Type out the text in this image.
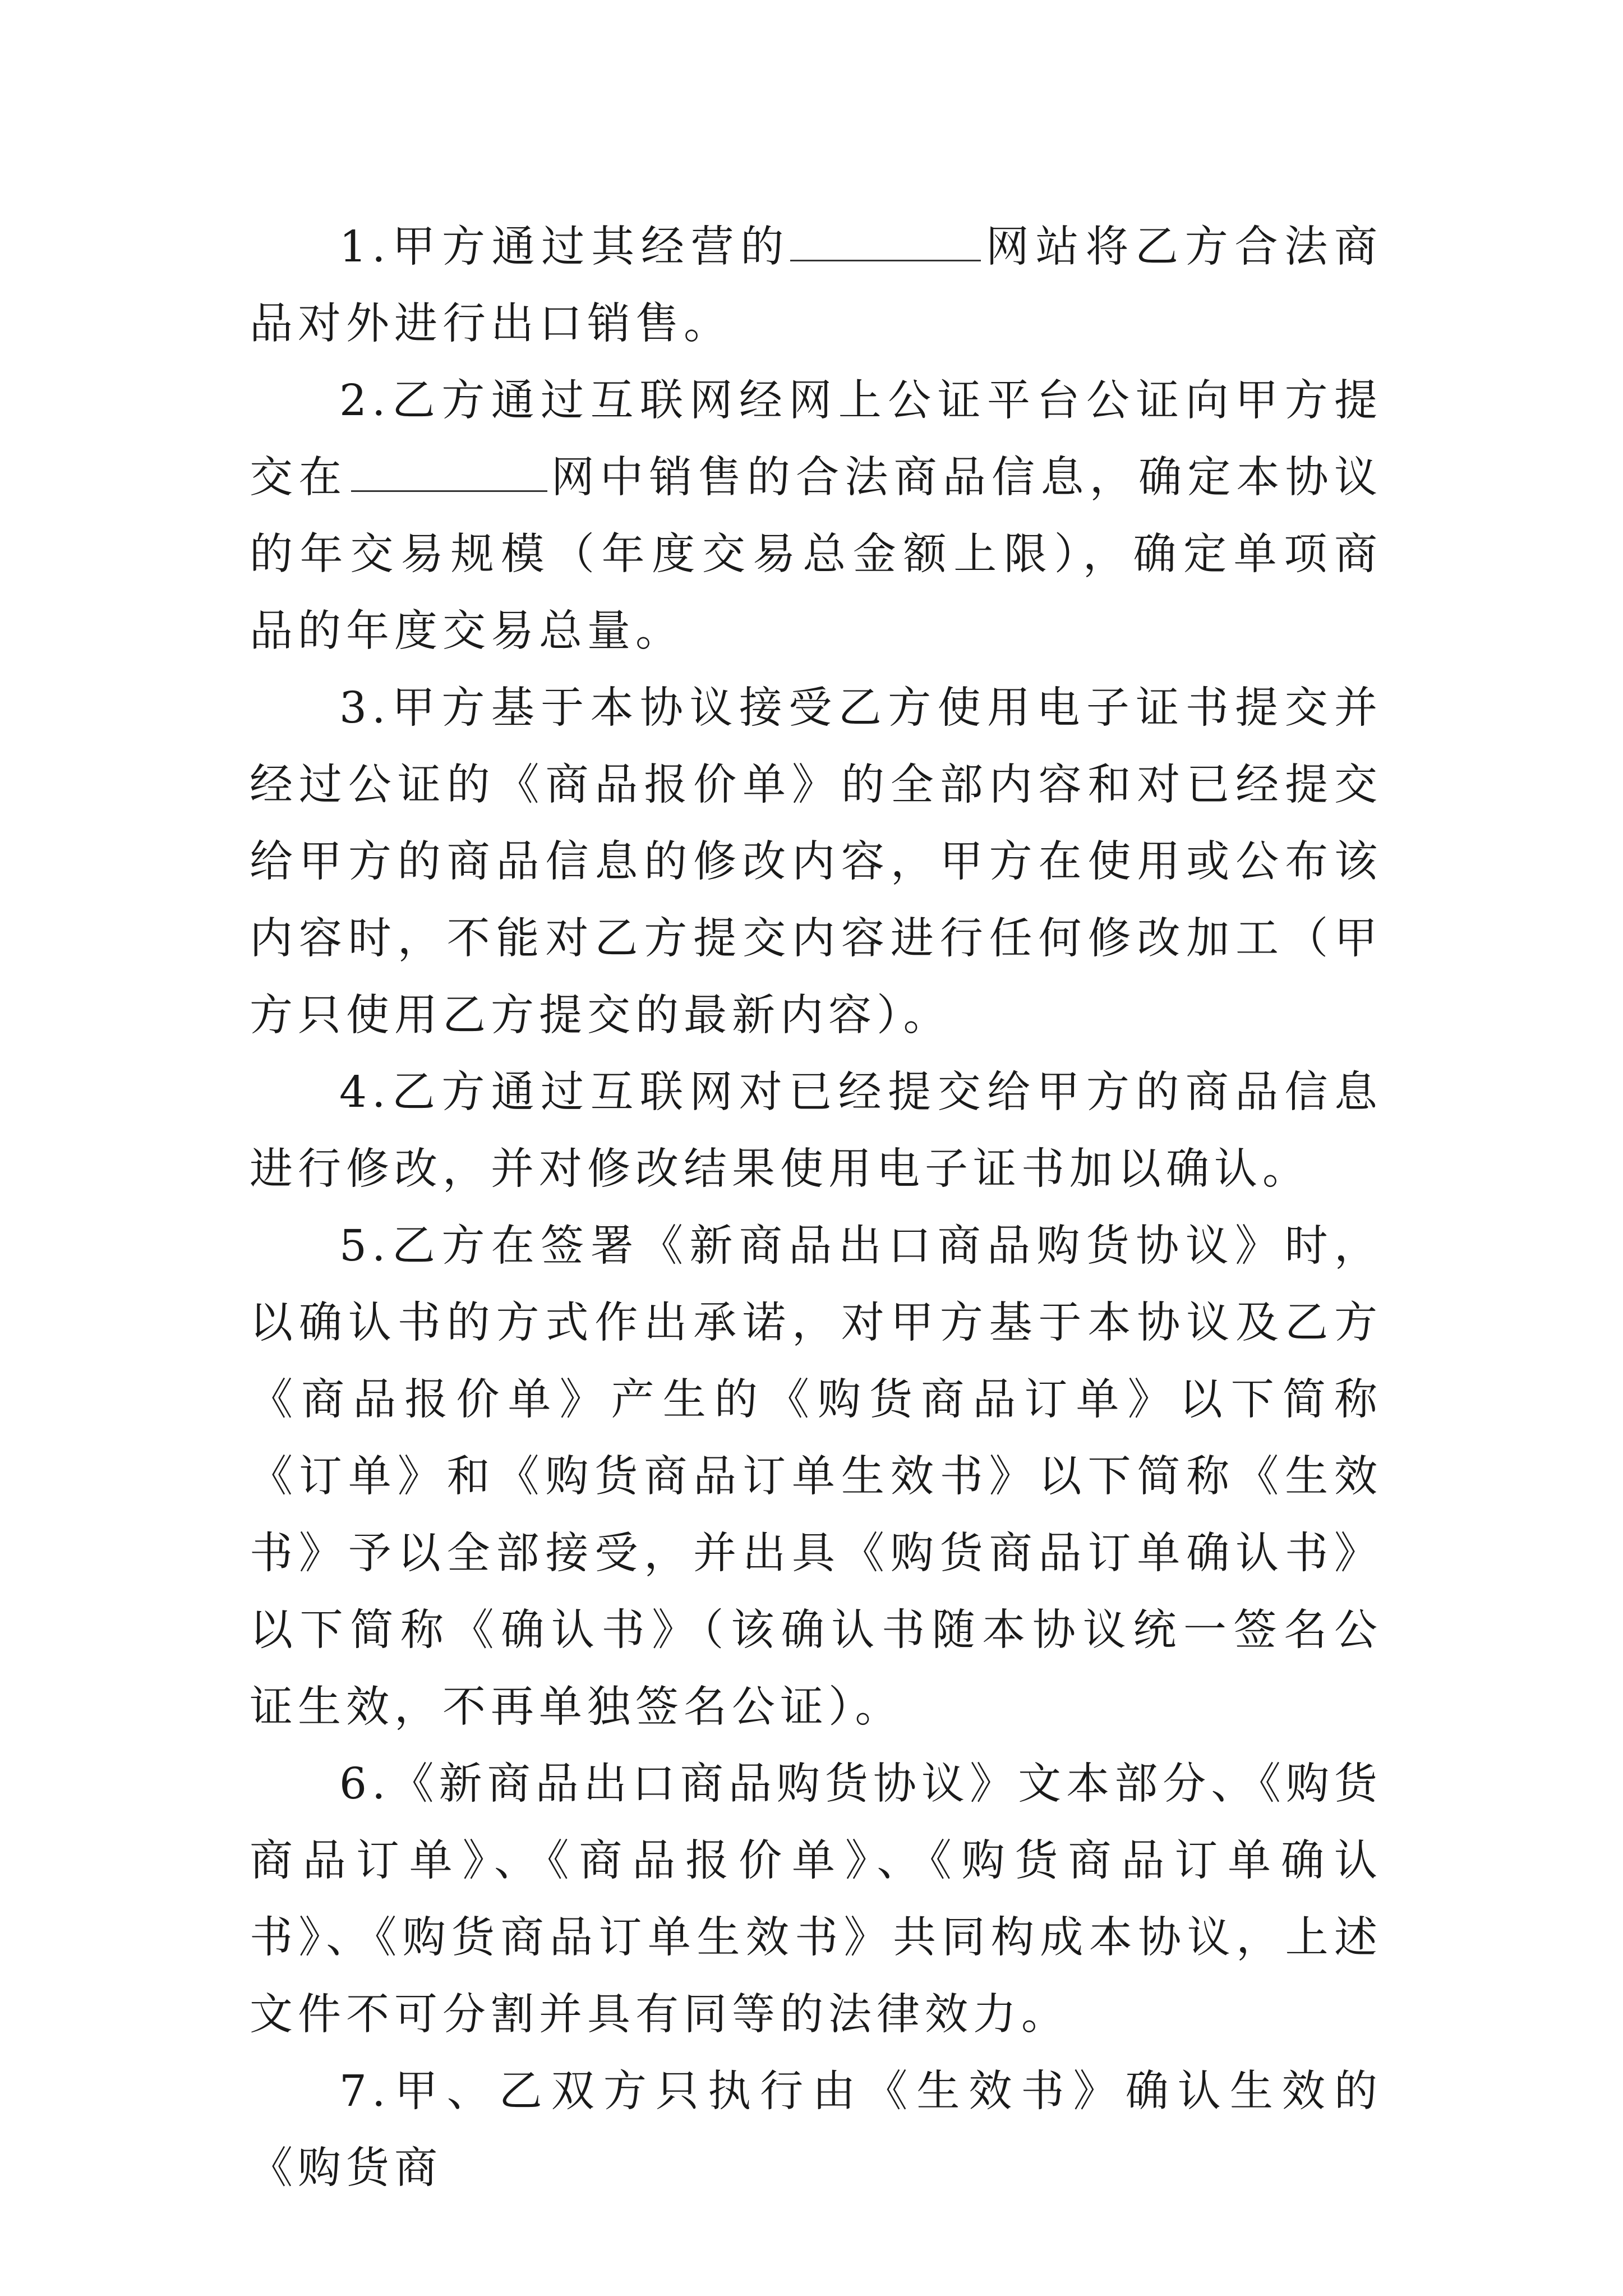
1.甲方通过其经营的	网站将乙方合法商品对外进行出口销售。

2.乙方通过互联网经网上公证平台公证向甲方提交在	网中销售的合法商品信息，确定本协议的年交易规模（年度交易总金额上限），确定单项商品的年度交易总量。

3.甲方基于本协议接受乙方使用电子证书提交并经过公证的《商品报价单》的全部内容和对已经提交给甲方的商品信息的修改内容，甲方在使用或公布该内容时，不能对乙方提交内容进行任何修改加工（甲方只使用乙方提交的最新内容）。

4.乙方通过互联网对已经提交给甲方的商品信息进行修改，并对修改结果使用电子证书加以确认。

5.乙方在签署《新商品出口商品购货协议》时，以确认书的方式作出承诺，对甲方基于本协议及乙方《商品报价单》产生的《购货商品订单》以下简称《订单》和《购货商品订单生效书》以下简称《生效书》予以全部接受，并出具《购货商品订单确认书》以下简称《确认书》（该确认书随本协议统一签名公证生效，不再单独签名公证）。

6.《新商品出口商品购货协议》文本部分、《购货商品订单》、《商品报价单》、《购货商品订单确认书》、《购货商品订单生效书》共同构成本协议，上述文件不可分割并具有同等的法律效力。

7.甲、乙双方只执行由《生效书》确认生效的《购货商
